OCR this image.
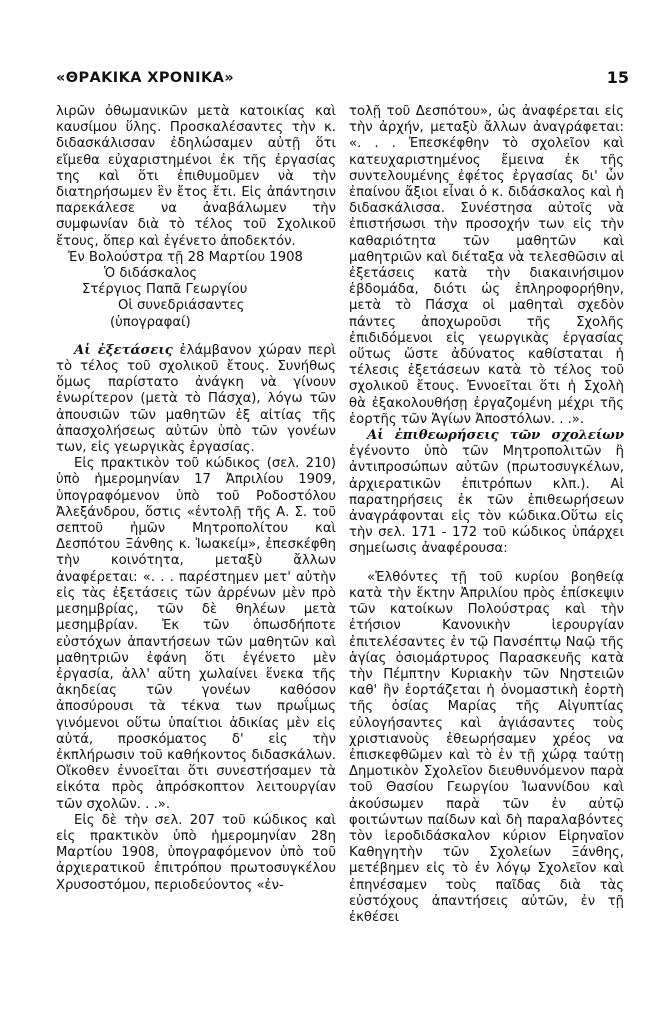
«ΘΡΑΚΙΚΑ ΧΡΟΝΙΚΑ»	15

λιρῶν ὀθωμανικῶν μετὰ κατοικίας καὶ καυσίμου ὕλης. Προσκαλέσαντες τὴν κ. διδασκάλισσαν ἐδηλώσαμεν αὐτῇ ὅτι εἴμεθα εὐχαριστημένοι ἐκ τῆς ἐργασίας της καὶ ὅτι ἐπιθυμοῦμεν νὰ τὴν διατηρήσωμεν ἓν ἔτος ἔτι. Εἰς ἀπάντησιν παρεκάλεσε να ἀναβάλωμεν τὴν συμφωνίαν διὰ τὸ τέλος τοῦ Σχολικοῦ ἔτους, ὅπερ καὶ ἐγένετο ἀποδεκτόν.

Ἐν Βολούστρα τῇ 28 Μαρτίου 1908
Ὁ διδάσκαλος
Στέργιος Παπᾶ Γεωργίου
Οἱ συνεδριάσαντες
(ὑπογραφαί)

Αἱ ἐξετάσεις ἐλάμβανον χώραν περὶ τὸ τέλος τοῦ σχολικοῦ ἔτους. Συνήθως ὅμως παρίστατο ἀνάγκη νὰ γίνουν ἐνωρίτερον (μετὰ τὸ Πάσχα), λόγω τῶν ἀπουσιῶν τῶν μαθητῶν ἐξ αἰτίας τῆς ἀπασχολήσεως αὐτῶν ὑπὸ τῶν γονέων των, εἰς γεωργικὰς ἐργασίας.

Εἰς πρακτικὸν τοῦ κώδικος (σελ. 210) ὑπὸ ἡμερομηνίαν 17 Ἀπριλίου 1909, ὑπογραφόμενον ὑπὸ τοῦ Ροδοστόλου Ἀλεξάνδρου, ὅστις «ἐντολῇ τῆς Α. Σ. τοῦ σεπτοῦ ἡμῶν Μητροπολίτου καὶ Δεσπότου Ξάνθης κ. Ἰωακείμ», ἐπεσκέφθη τὴν κοινότητα, μεταξὺ ἄλλων ἀναφέρεται: «. . . παρέστημεν μετ' αὐτὴν εἰς τὰς ἐξετάσεις τῶν ἀρρένων μὲν πρὸ μεσημβρίας, τῶν δὲ θηλέων μετὰ μεσημβρίαν. Ἐκ τῶν ὁπωσδήποτε εὐστόχων ἀπαντήσεων τῶν μαθητῶν καὶ μαθητριῶν ἐφάνη ὅτι ἐγένετο μὲν ἐργασία, ἀλλ' αὕτη χωλαίνει ἕνεκα τῆς ἀκηδείας τῶν γονέων καθόσον ἀποσύρουσι τὰ τέκνα των πρωΐμως γινόμενοι οὕτω ὑπαίτιοι ἀδικίας μὲν εἰς αὐτά, προσκόματος δ' εἰς τὴν ἐκπλήρωσιν τοῦ καθήκοντος διδασκάλων. Οἴκοθεν ἐννοεῖται ὅτι συνεστήσαμεν τὰ εἰκότα πρὸς ἀπρόσκοπτον λειτουργίαν τῶν σχολῶν. . .».

Εἰς δὲ τὴν σελ. 207 τοῦ κώδικος καὶ εἰς πρακτικὸν ὑπὸ ἡμερομηνίαν 28η Μαρτίου 1908, ὑπογραφόμενον ὑπὸ τοῦ ἀρχιερατικοῦ ἐπιτρόπου πρωτοσυγκέλου Χρυσοστόμου, περιοδεύοντος «ἐν-

τολῇ τοῦ Δεσπότου», ὡς ἀναφέρεται εἰς τὴν ἀρχήν, μεταξὺ ἄλλων ἀναγράφεται: «. . . Ἐπεσκέφθην τὸ σχολεῖον καὶ κατευχαριστημένος ἔμεινα ἐκ τῆς συντελουμένης ἐφέτος ἐργασίας δι' ὧν ἐπαίνου ἄξιοι εἶναι ὁ κ. διδάσκαλος καὶ ἡ διδασκάλισσα. Συνέστησα αὐτοῖς νὰ ἐπιστήσωσι τὴν προσοχήν των εἰς τὴν καθαριότητα τῶν μαθητῶν καὶ μαθητριῶν καὶ διέταξα νὰ τελεσθῶσιν αἱ ἐξετάσεις κατὰ τὴν διακαινήσιμον ἑβδομάδα, διότι ὡς ἐπληροφορήθην, μετὰ τὸ Πάσχα οἱ μαθηταὶ σχεδὸν πάντες ἀποχωροῦσι τῆς Σχολῆς ἐπιδιδόμενοι εἰς γεωργικὰς ἐργασίας οὕτως ὥστε ἀδύνατος καθίσταται ἡ τέλεσις ἐξετάσεων κατὰ τὸ τέλος τοῦ σχολικοῦ ἔτους. Ἐννοεῖται ὅτι ἡ Σχολὴ θὰ ἐξακολουθήσῃ ἐργαζομένη μέχρι τῆς ἑορτῆς τῶν Ἁγίων Ἀποστόλων. . .».

Αἱ ἐπιθεωρήσεις τῶν σχολείων ἐγένοντο ὑπὸ τῶν Μητροπολιτῶν ἢ ἀντιπροσώπων αὐτῶν (πρωτοσυγκέλων, ἀρχιερατικῶν ἐπιτρόπων κλπ.). Αἱ παρατηρήσεις ἐκ τῶν ἐπιθεωρήσεων ἀναγράφονται εἰς τὸν κώδικα.Οὕτω εἰς τὴν σελ. 171 - 172 τοῦ κώδικος ὑπάρχει σημείωσις ἀναφέρουσα:

«Ἐλθόντες τῇ τοῦ κυρίου βοηθείᾳ κατὰ τὴν ἕκτην Ἀπριλίου πρὸς ἐπίσκεψιν τῶν κατοίκων Πολούστρας καὶ τὴν ἐτήσιον Κανονικὴν ἱερουργίαν ἐπιτελέσαντες ἐν τῷ Πανσέπτῳ Ναῷ τῆς ἁγίας ὁσιομάρτυρος Παρασκευῆς κατὰ τὴν Πέμπτην Κυριακὴν τῶν Νηστειῶν καθ' ἣν ἑορτάζεται ἡ ὀνομαστικὴ ἑορτὴ τῆς ὁσίας Μαρίας τῆς Αἰγυπτίας εὐλογήσαντες καὶ ἁγιάσαντες τοὺς χριστιανοὺς ἐθεωρήσαμεν χρέος να ἐπισκεφθῶμεν καὶ τὸ ἐν τῇ χώρᾳ ταύτῃ Δημοτικὸν Σχολεῖον διευθυνόμενον παρὰ τοῦ Θασίου Γεωργίου Ἰωαννίδου καὶ ἀκούσωμεν παρὰ τῶν ἐν αὐτῷ φοιτώντων παίδων καὶ δὴ παραλαβόντες τὸν ἱεροδιδάσκαλον κύριον Εἰρηναῖον Καθηγητὴν τῶν Σχολείων Ξάνθης, μετέβημεν εἰς τὸ ἐν λόγῳ Σχολεῖον καὶ ἐπηνέσαμεν τοὺς παῖδας διὰ τὰς εὐστόχους ἀπαντήσεις αὐτῶν, ἐν τῇ ἐκθέσει
